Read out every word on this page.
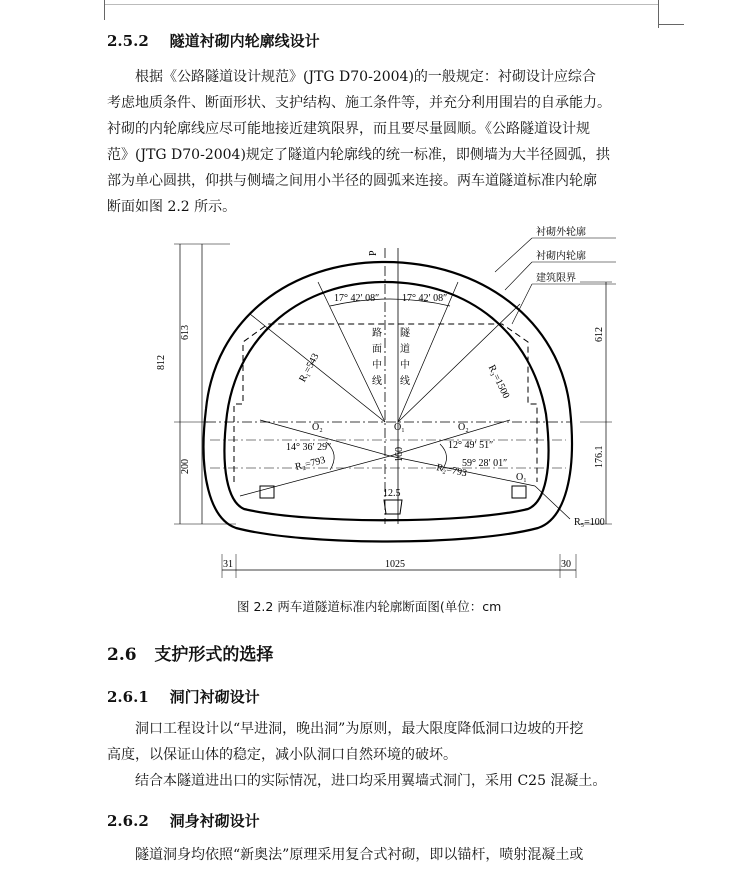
2.5.2 隧道衬砌内轮廓线设计

根据《公路隧道设计规范》(JTG D70-2004)的一般规定：衬砌设计应综合

考虑地质条件、断面形状、支护结构、施工条件等，并充分利用围岩的自承能力。

衬砌的内轮廓线应尽可能地接近建筑限界，而且要尽量圆顺。《公路隧道设计规

范》(JTG D70-2004)规定了隧道内轮廓线的统一标准，即侧墙为大半径圆弧，拱

部为单心圆拱，仰拱与侧墙之间用小半径的圆弧来连接。两车道隧道标准内轮廓

断面如图 2.2 所示。

衬砌外轮廓
衬砌内轮廓
建筑限界
17° 42′ 08″ 17° 42′ 08″
14° 36′ 29″	12° 49′ 51″
59° 28′ 01″
R₁=543	R₃=1500
R₂=793	R₂=793
R₅=100
O₂	O₁	O₂
O₁
路
面
中
线
隧
道
中
线
812
613
200
612
176.1
160
12.5
1025
31	30
P
图 2.2 两车道隧道标准内轮廓断面图(单位：cm
2.6 支护形式的选择
2.6.1 洞门衬砌设计

洞口工程设计以“早进洞，晚出洞”为原则，最大限度降低洞口边坡的开挖

高度，以保证山体的稳定，减小队洞口自然环境的破坏。

结合本隧道进出口的实际情况，进口均采用翼墙式洞门，采用 C25 混凝土。

2.6.2 洞身衬砌设计

隧道洞身均依照“新奥法”原理采用复合式衬砌，即以锚杆，喷射混凝土或
